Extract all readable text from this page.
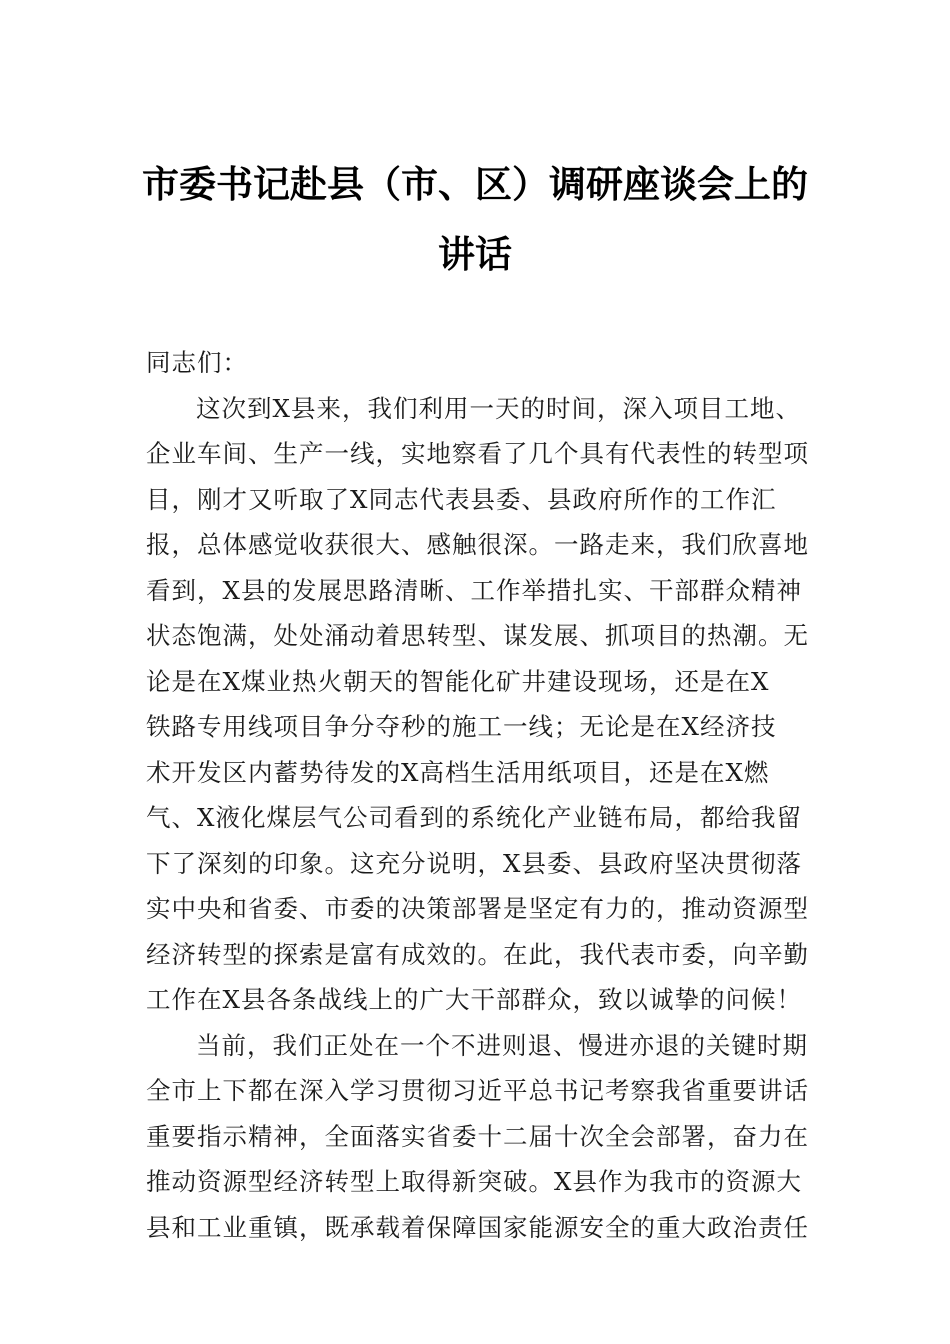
市委书记赴县（市、区）调研座谈会上的
讲话
同志们：
这次到X县来，我们利用一天的时间，深入项目工地、
企业车间、生产一线，实地察看了几个具有代表性的转型项
目，刚才又听取了X同志代表县委、县政府所作的工作汇
报，总体感觉收获很大、感触很深。一路走来，我们欣喜地
看到，X县的发展思路清晰、工作举措扎实、干部群众精神
状态饱满，处处涌动着思转型、谋发展、抓项目的热潮。无
论是在X煤业热火朝天的智能化矿井建设现场，还是在X
铁路专用线项目争分夺秒的施工一线；无论是在X经济技
术开发区内蓄势待发的X高档生活用纸项目，还是在X燃
气、X液化煤层气公司看到的系统化产业链布局，都给我留
下了深刻的印象。这充分说明，X县委、县政府坚决贯彻落
实中央和省委、市委的决策部署是坚定有力的，推动资源型
经济转型的探索是富有成效的。在此，我代表市委，向辛勤
工作在X县各条战线上的广大干部群众，致以诚挚的问候！
当前，我们正处在一个不进则退、慢进亦退的关键时期
全市上下都在深入学习贯彻习近平总书记考察我省重要讲话
重要指示精神，全面落实省委十二届十次全会部署，奋力在
推动资源型经济转型上取得新突破。X县作为我市的资源大
县和工业重镇，既承载着保障国家能源安全的重大政治责任
